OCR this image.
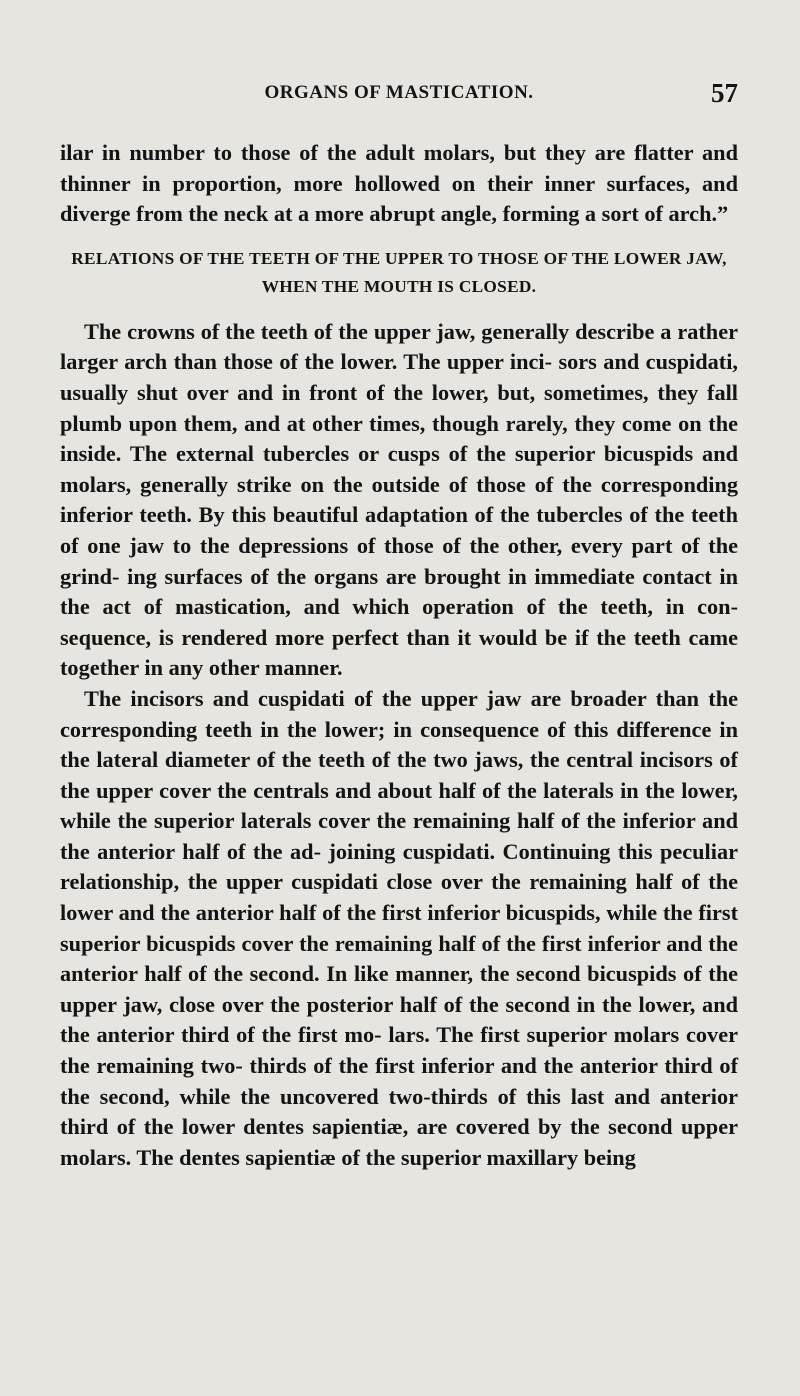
ORGANS OF MASTICATION.	57

ilar in number to those of the adult molars, but they are flatter and thinner in proportion, more hollowed on their inner surfaces, and diverge from the neck at a more abrupt angle, forming a sort of arch.”

RELATIONS OF THE TEETH OF THE UPPER TO THOSE OF THE LOWER JAW, WHEN THE MOUTH IS CLOSED.

The crowns of the teeth of the upper jaw, generally describe a rather larger arch than those of the lower. The upper inci- sors and cuspidati, usually shut over and in front of the lower, but, sometimes, they fall plumb upon them, and at other times, though rarely, they come on the inside. The external tubercles or cusps of the superior bicuspids and molars, generally strike on the outside of those of the corresponding inferior teeth. By this beautiful adaptation of the tubercles of the teeth of one jaw to the depressions of those of the other, every part of the grind- ing surfaces of the organs are brought in immediate contact in the act of mastication, and which operation of the teeth, in con- sequence, is rendered more perfect than it would be if the teeth came together in any other manner.

The incisors and cuspidati of the upper jaw are broader than the corresponding teeth in the lower; in consequence of this difference in the lateral diameter of the teeth of the two jaws, the central incisors of the upper cover the centrals and about half of the laterals in the lower, while the superior laterals cover the remaining half of the inferior and the anterior half of the ad- joining cuspidati. Continuing this peculiar relationship, the upper cuspidati close over the remaining half of the lower and the anterior half of the first inferior bicuspids, while the first superior bicuspids cover the remaining half of the first inferior and the anterior half of the second. In like manner, the second bicuspids of the upper jaw, close over the posterior half of the second in the lower, and the anterior third of the first mo- lars. The first superior molars cover the remaining two- thirds of the first inferior and the anterior third of the second, while the uncovered two-thirds of this last and anterior third of the lower dentes sapientiæ, are covered by the second upper molars. The dentes sapientiæ of the superior maxillary being
